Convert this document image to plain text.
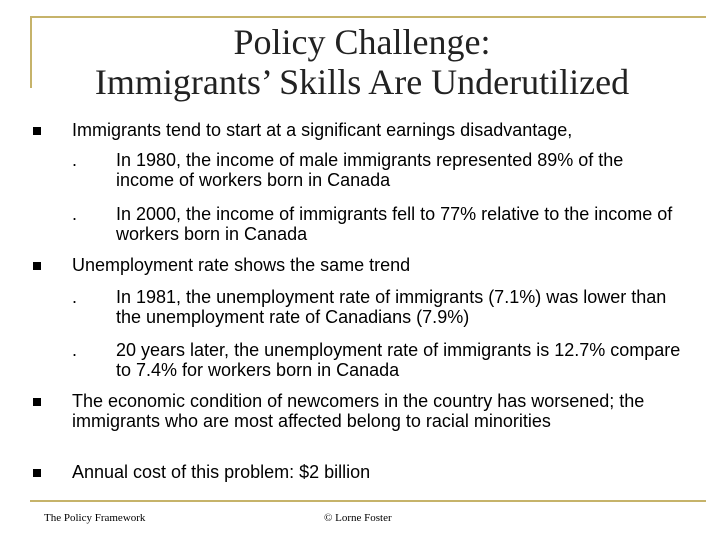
Policy Challenge:
Immigrants’ Skills Are Underutilized
Immigrants tend to start at a significant earnings disadvantage,
. In 1980, the income of male immigrants represented 89% of the income of workers born in Canada
. In 2000, the income of immigrants fell to 77% relative to the income of workers born in Canada
Unemployment rate shows the same trend
. In 1981, the unemployment rate of immigrants (7.1%) was lower than the unemployment rate of Canadians (7.9%)
. 20 years later, the unemployment rate of immigrants is 12.7% compare to 7.4% for workers born in Canada
The economic condition of newcomers in the country has worsened; the immigrants who are most affected belong to racial minorities
Annual cost of this problem: $2 billion
The Policy Framework	© Lorne Foster
